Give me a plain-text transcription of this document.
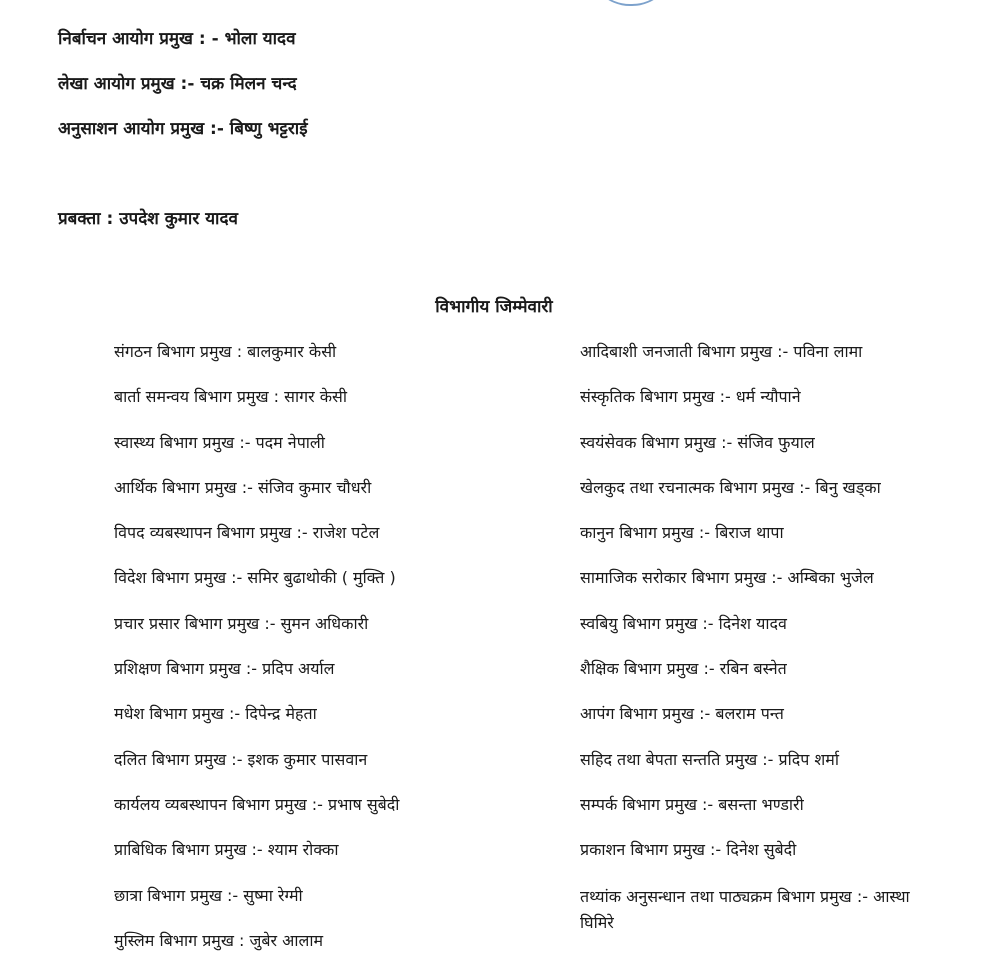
निर्बाचन आयोग प्रमुख : - भोला यादव
लेखा आयोग प्रमुख :- चक्र मिलन चन्द
अनुसाशन आयोग प्रमुख :- बिष्णु भट्टराई
प्रबक्ता : उपदेश कुमार यादव
विभागीय जिम्मेवारी
संगठन बिभाग प्रमुख : बालकुमार केसी
बार्ता समन्वय बिभाग प्रमुख : सागर केसी
स्वास्थ्य बिभाग प्रमुख :- पदम नेपाली
आर्थिक बिभाग प्रमुख :- संजिव कुमार चौधरी
विपद व्यबस्थापन बिभाग प्रमुख :- राजेश पटेल
विदेश बिभाग प्रमुख :- समिर बुढाथोकी ( मुक्ति )
प्रचार प्रसार बिभाग प्रमुख :- सुमन अधिकारी
प्रशिक्षण बिभाग प्रमुख :- प्रदिप अर्याल
मधेश बिभाग प्रमुख :- दिपेन्द्र मेहता
दलित बिभाग प्रमुख :- इशक कुमार पासवान
कार्यलय व्यबस्थापन बिभाग प्रमुख :- प्रभाष सुबेदी
प्राबिधिक बिभाग प्रमुख :- श्याम रोक्का
छात्रा बिभाग प्रमुख :- सुष्मा रेग्मी
मुस्लिम बिभाग प्रमुख : जुबेर आलाम
आदिबाशी जनजाती बिभाग प्रमुख :- पविना लामा
संस्कृतिक बिभाग प्रमुख :- धर्म न्यौपाने
स्वयंसेवक बिभाग प्रमुख :- संजिव फुयाल
खेलकुद तथा रचनात्मक बिभाग प्रमुख :- बिनु खड्का
कानुन बिभाग प्रमुख :- बिराज थापा
सामाजिक सरोकार बिभाग प्रमुख :- अम्बिका भुजेल
स्वबियु बिभाग प्रमुख :- दिनेश यादव
शैक्षिक बिभाग प्रमुख :- रबिन बस्नेत
आपंग बिभाग प्रमुख :- बलराम पन्त
सहिद तथा बेपता सन्तति प्रमुख :- प्रदिप शर्मा
सम्पर्क बिभाग प्रमुख :- बसन्ता भण्डारी
प्रकाशन बिभाग प्रमुख :- दिनेश सुबेदी
तथ्यांक अनुसन्धान तथा पाठ्यक्रम बिभाग प्रमुख :- आस्था घिमिरे
